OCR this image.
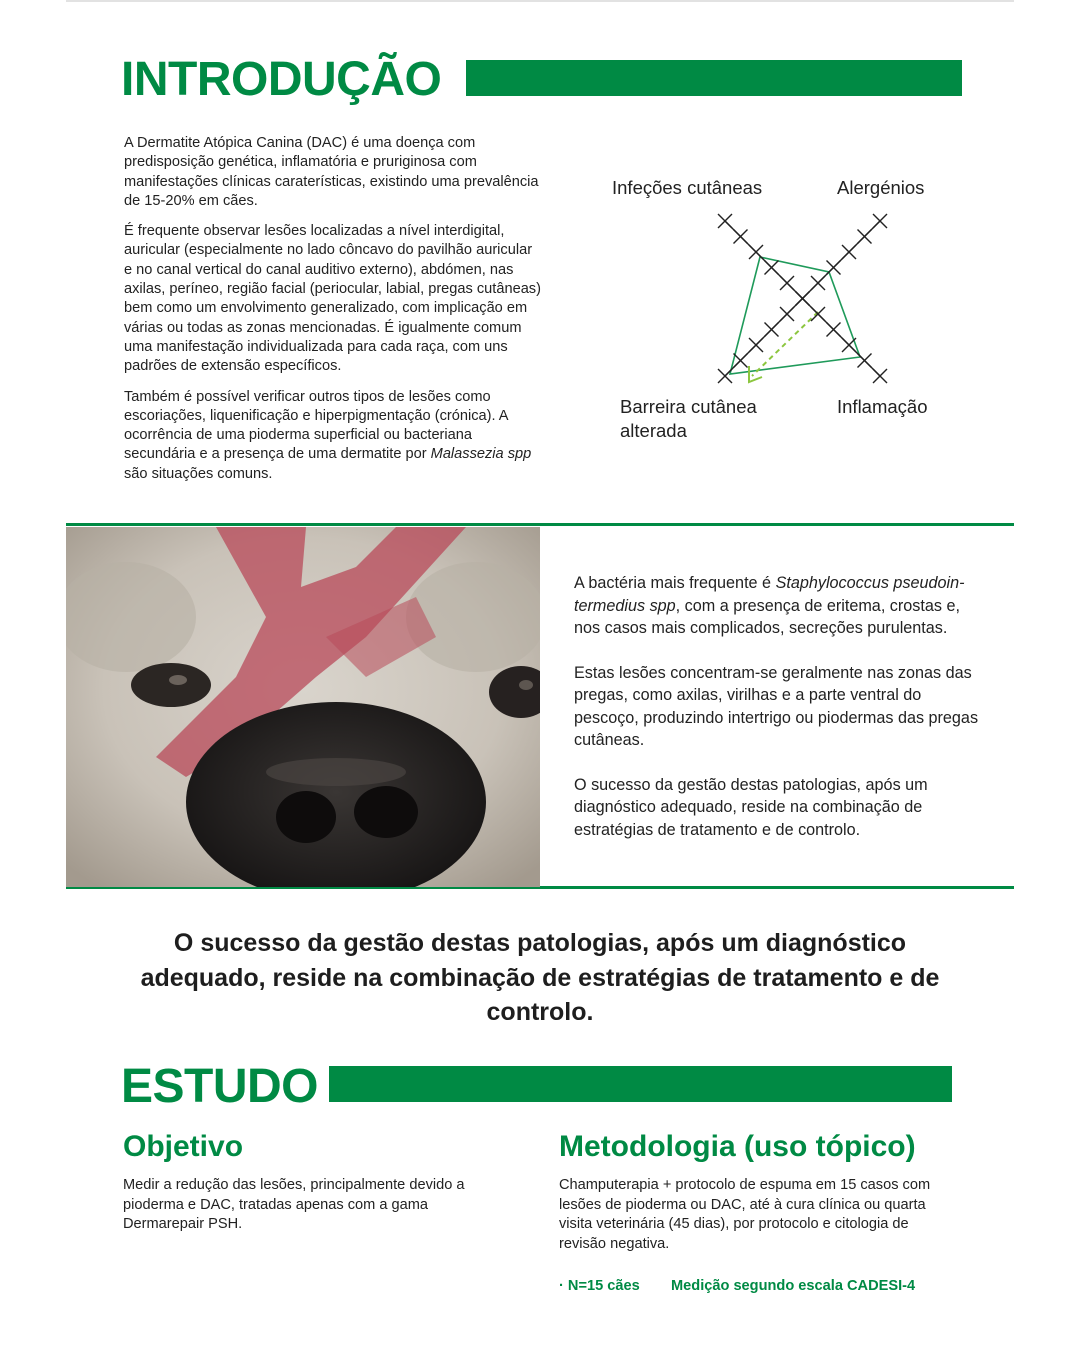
INTRODUÇÃO

A Dermatite Atópica Canina (DAC) é uma doença com predisposição genética, inflamatória e pruriginosa com manifestações clínicas caraterísticas, existindo uma prevalência de 15-20% em cães.

É frequente observar lesões localizadas a nível interdigital, auricular (especialmente no lado côncavo do pavilhão auricular e no canal vertical do canal auditivo externo), abdómen, nas axilas, períneo, região facial (periocular, labial, pregas cutâneas) bem como um envolvimento generalizado, com implicação em várias ou todas as zonas mencionadas. É igualmente comum uma manifestação individualizada para cada raça, com uns padrões de extensão específicos.

Também é possível verificar outros tipos de lesões como escoriações, liquenificação e hiperpigmentação (crónica). A ocorrência de uma pioderma superficial ou bacteriana secundária e a presença de uma dermatite por Malassezia spp são situações comuns.

Infeções cutâneas	Alergénios
Barreira cutânea
alterada
Inflamação

A bactéria mais frequente é Staphylococcus pseudoin-termedius spp, com a presença de eritema, crostas e, nos casos mais complicados, secreções purulentas.

Estas lesões concentram-se geralmente nas zonas das pregas, como axilas, virilhas e a parte ventral do pescoço, produzindo intertrigo ou piodermas das pregas cutâneas.

O sucesso da gestão destas patologias, após um diagnóstico adequado, reside na combinação de estratégias de tratamento e de controlo.

O sucesso da gestão destas patologias, após um diagnóstico adequado, reside na combinação de estratégias de tratamento e de controlo.

ESTUDO
Objetivo

Medir a redução das lesões, principalmente devido a pioderma e DAC, tratadas apenas com a gama Dermarepair PSH.

Metodologia (uso tópico)

Champuterapia + protocolo de espuma em 15 casos com lesões de pioderma ou DAC, até à cura clínica ou quarta visita veterinária (45 dias), por protocolo e citologia de revisão negativa.

· N=15 cães Medição segundo escala CADESI-4
